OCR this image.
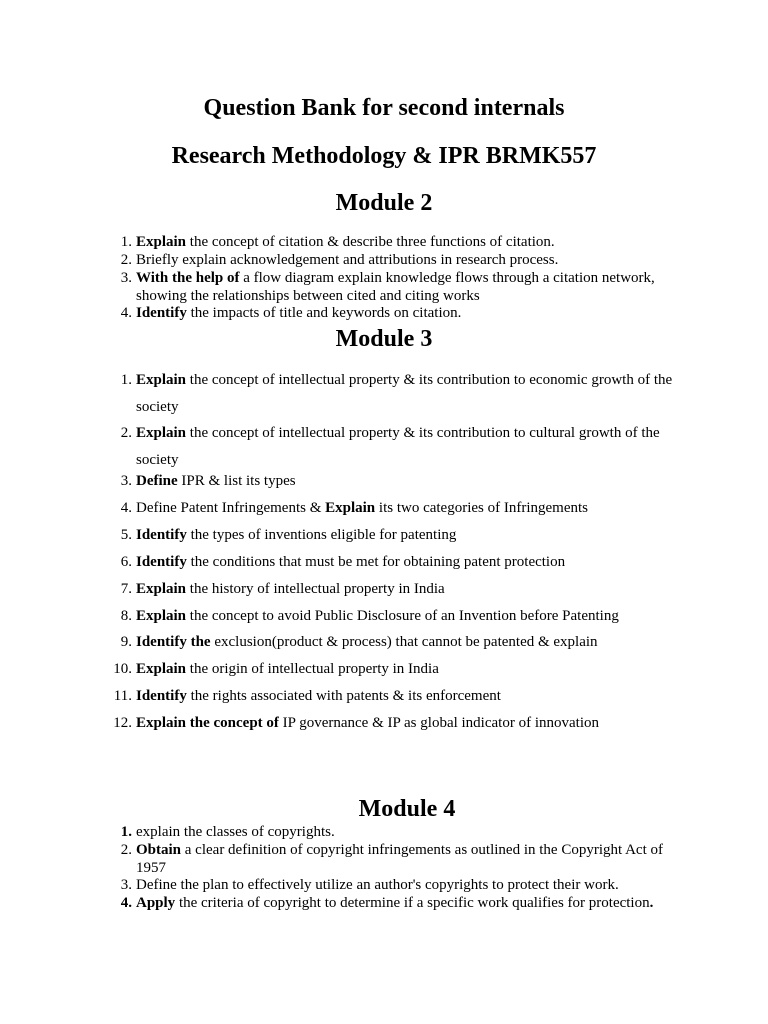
Question Bank for second internals
Research Methodology & IPR BRMK557
Module 2
1. Explain the concept of citation & describe three functions of citation.
2. Briefly explain acknowledgement and attributions in research process.
3. With the help of a flow diagram explain knowledge flows through a citation network, showing the relationships between cited and citing works
4. Identify the impacts of title and keywords on citation.
Module 3
1. Explain the concept of intellectual property & its contribution to economic growth of the society
2. Explain the concept of intellectual property & its contribution to cultural growth of the society
3. Define IPR & list its types
4. Define Patent Infringements & Explain its two categories of Infringements
5. Identify the types of inventions eligible for patenting
6. Identify the conditions that must be met for obtaining patent protection
7. Explain the history of intellectual property in India
8. Explain the concept to avoid Public Disclosure of an Invention before Patenting
9. Identify the exclusion(product & process) that cannot be patented & explain
10. Explain the origin of intellectual property in India
11. Identify the rights associated with patents & its enforcement
12. Explain the concept of IP governance & IP as global indicator of innovation
Module 4
1. explain the classes of copyrights.
2. Obtain a clear definition of copyright infringements as outlined in the Copyright Act of 1957
3. Define the plan to effectively utilize an author's copyrights to protect their work.
4. Apply the criteria of copyright to determine if a specific work qualifies for protection.
